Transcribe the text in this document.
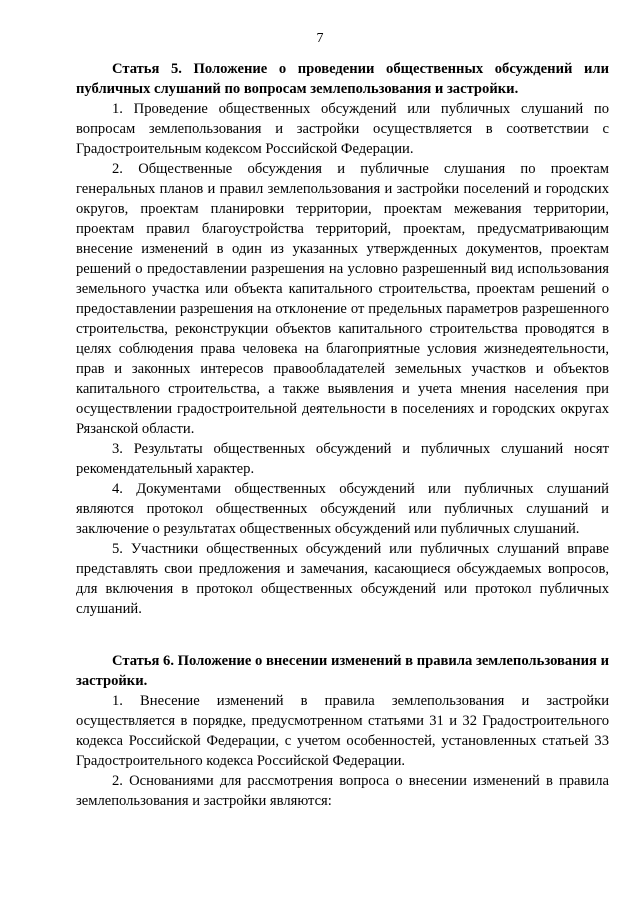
7

Статья 5. Положение о проведении общественных обсуждений или публичных слушаний по вопросам землепользования и застройки.

1. Проведение общественных обсуждений или публичных слушаний по вопросам землепользования и застройки осуществляется в соответствии с Градостроительным кодексом Российской Федерации.

2. Общественные обсуждения и публичные слушания по проектам генеральных планов и правил землепользования и застройки поселений и городских округов, проектам планировки территории, проектам межевания территории, проектам правил благоустройства территорий, проектам, предусматривающим внесение изменений в один из указанных утвержденных документов, проектам решений о предоставлении разрешения на условно разрешенный вид использования земельного участка или объекта капитального строительства, проектам решений о предоставлении разрешения на отклонение от предельных параметров разрешенного строительства, реконструкции объектов капитального строительства проводятся в целях соблюдения права человека на благоприятные условия жизнедеятельности, прав и законных интересов правообладателей земельных участков и объектов капитального строительства, а также выявления и учета мнения населения при осуществлении градостроительной деятельности в поселениях и городских округах Рязанской области.

3. Результаты общественных обсуждений и публичных слушаний носят рекомендательный характер.

4. Документами общественных обсуждений или публичных слушаний являются протокол общественных обсуждений или публичных слушаний и заключение о результатах общественных обсуждений или публичных слушаний.

5. Участники общественных обсуждений или публичных слушаний вправе представлять свои предложения и замечания, касающиеся обсуждаемых вопросов, для включения в протокол общественных обсуждений или протокол публичных слушаний.

Статья 6. Положение о внесении изменений в правила землепользования и застройки.

1. Внесение изменений в правила землепользования и застройки осуществляется в порядке, предусмотренном статьями 31 и 32 Градостроительного кодекса Российской Федерации, с учетом особенностей, установленных статьей 33 Градостроительного кодекса Российской Федерации.

2. Основаниями для рассмотрения вопроса о внесении изменений в правила землепользования и застройки являются:
